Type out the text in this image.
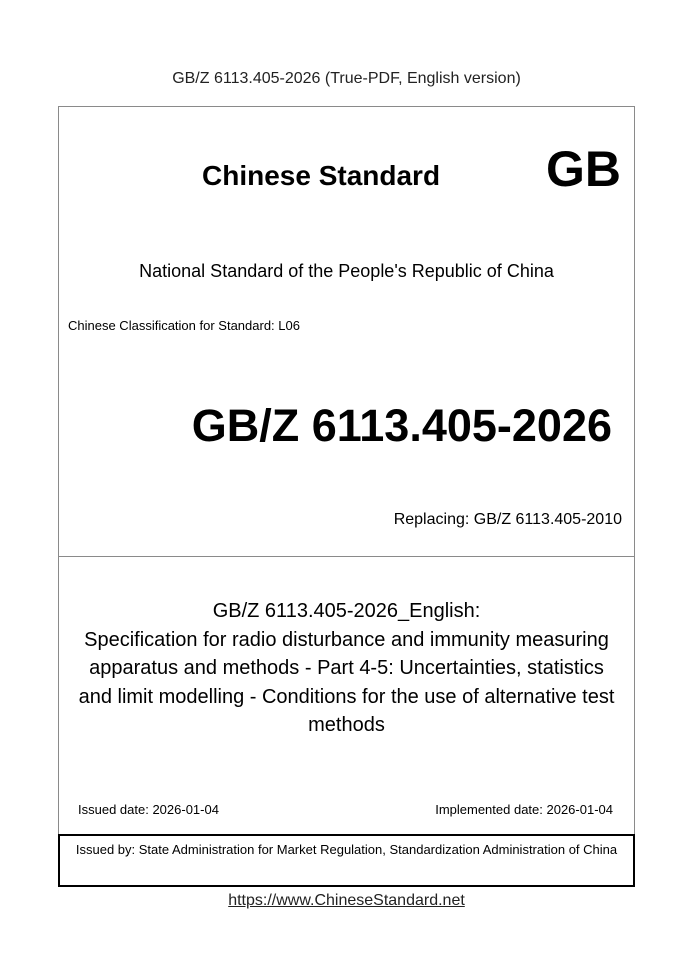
GB/Z 6113.405-2026 (True-PDF, English version)
Chinese Standard GB
National Standard of the People's Republic of China
Chinese Classification for Standard: L06
GB/Z 6113.405-2026
Replacing: GB/Z 6113.405-2010
GB/Z 6113.405-2026_English:
Specification for radio disturbance and immunity measuring
apparatus and methods - Part 4-5: Uncertainties, statistics
and limit modelling - Conditions for the use of alternative test
methods
Issued date: 2026-01-04	Implemented date: 2026-01-04
Issued by: State Administration for Market Regulation, Standardization Administration of China
https://www.ChineseStandard.net
